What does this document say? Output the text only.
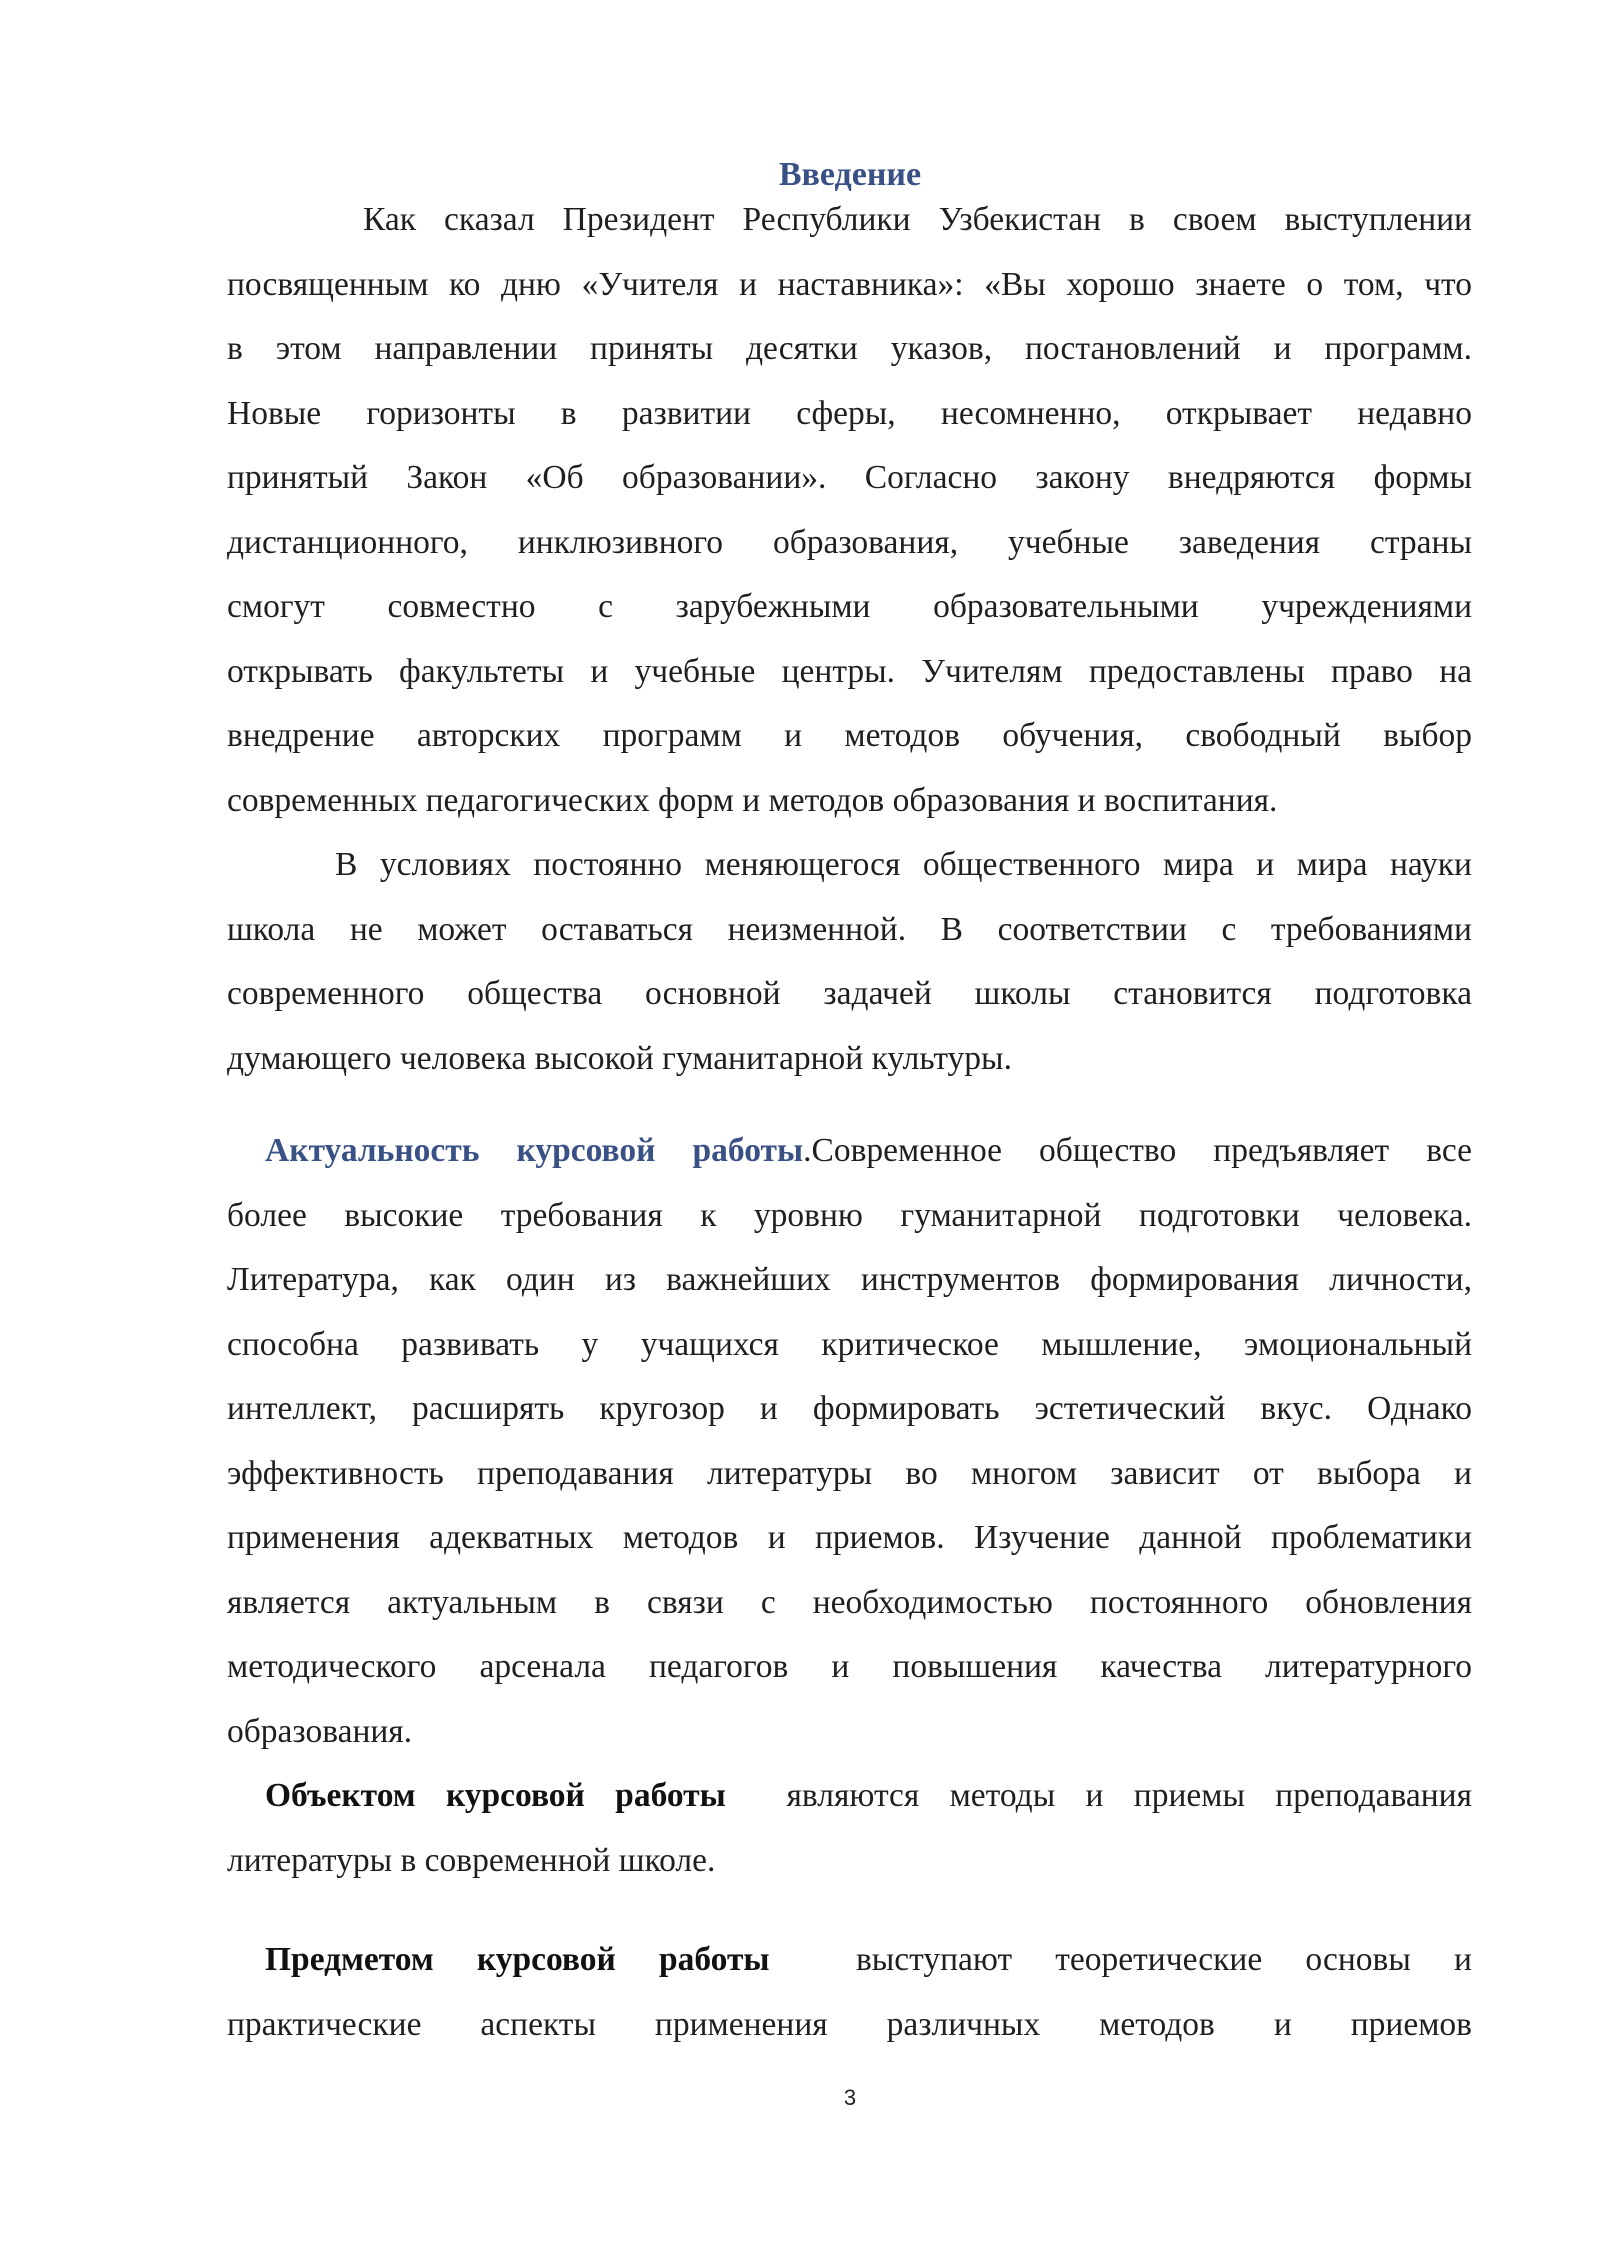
Введение
Как сказал Президент Республики Узбекистан в своем выступлении
посвященным ко дню «Учителя и наставника»: «Вы хорошо знаете о том, что
в этом направлении приняты десятки указов, постановлений и программ.
Новые горизонты в развитии сферы, несомненно, открывает недавно
принятый Закон «Об образовании». Согласно закону внедряются формы
дистанционного, инклюзивного образования, учебные заведения страны
смогут совместно с зарубежными образовательными учреждениями
открывать факультеты и учебные центры. Учителям предоставлены право на
внедрение авторских программ и методов обучения, свободный выбор
современных педагогических форм и методов образования и воспитания.
В условиях постоянно меняющегося общественного мира и мира науки
школа не может оставаться неизменной. В соответствии с требованиями
современного общества основной задачей школы становится подготовка
думающего человека высокой гуманитарной культуры.
Актуальность курсовой работы.Современное общество предъявляет все
более высокие требования к уровню гуманитарной подготовки человека.
Литература, как один из важнейших инструментов формирования личности,
способна развивать у учащихся критическое мышление, эмоциональный
интеллект, расширять кругозор и формировать эстетический вкус. Однако
эффективность преподавания литературы во многом зависит от выбора и
применения адекватных методов и приемов. Изучение данной проблематики
является актуальным в связи с необходимостью постоянного обновления
методического арсенала педагогов и повышения качества литературного
образования.
Объектом курсовой работы  являются методы и приемы преподавания
литературы в современной школе.
Предметом курсовой работы  выступают теоретические основы и
практические аспекты применения различных методов и приемов
3
